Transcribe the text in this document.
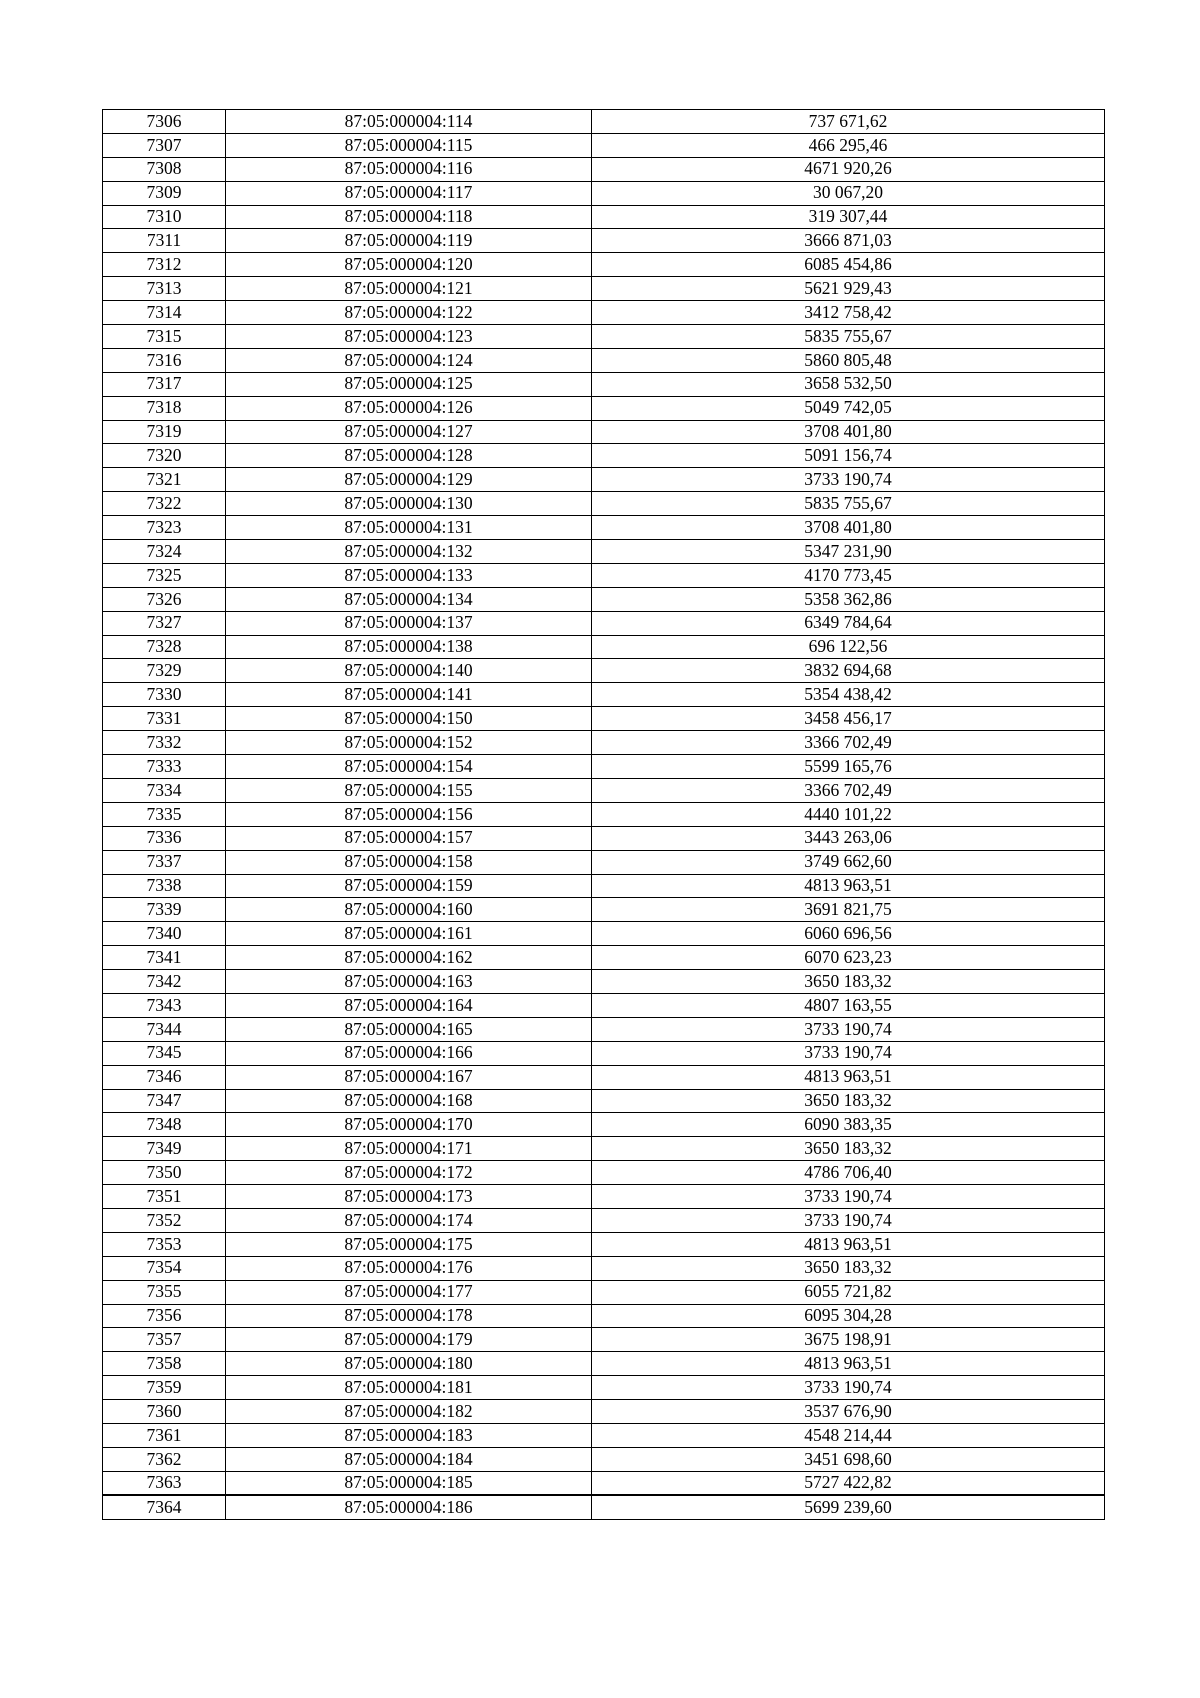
7306	87:05:000004:114	737 671,62
7307	87:05:000004:115	466 295,46
7308	87:05:000004:116	4671 920,26
7309	87:05:000004:117	30 067,20
7310	87:05:000004:118	319 307,44
7311	87:05:000004:119	3666 871,03
7312	87:05:000004:120	6085 454,86
7313	87:05:000004:121	5621 929,43
7314	87:05:000004:122	3412 758,42
7315	87:05:000004:123	5835 755,67
7316	87:05:000004:124	5860 805,48
7317	87:05:000004:125	3658 532,50
7318	87:05:000004:126	5049 742,05
7319	87:05:000004:127	3708 401,80
7320	87:05:000004:128	5091 156,74
7321	87:05:000004:129	3733 190,74
7322	87:05:000004:130	5835 755,67
7323	87:05:000004:131	3708 401,80
7324	87:05:000004:132	5347 231,90
7325	87:05:000004:133	4170 773,45
7326	87:05:000004:134	5358 362,86
7327	87:05:000004:137	6349 784,64
7328	87:05:000004:138	696 122,56
7329	87:05:000004:140	3832 694,68
7330	87:05:000004:141	5354 438,42
7331	87:05:000004:150	3458 456,17
7332	87:05:000004:152	3366 702,49
7333	87:05:000004:154	5599 165,76
7334	87:05:000004:155	3366 702,49
7335	87:05:000004:156	4440 101,22
7336	87:05:000004:157	3443 263,06
7337	87:05:000004:158	3749 662,60
7338	87:05:000004:159	4813 963,51
7339	87:05:000004:160	3691 821,75
7340	87:05:000004:161	6060 696,56
7341	87:05:000004:162	6070 623,23
7342	87:05:000004:163	3650 183,32
7343	87:05:000004:164	4807 163,55
7344	87:05:000004:165	3733 190,74
7345	87:05:000004:166	3733 190,74
7346	87:05:000004:167	4813 963,51
7347	87:05:000004:168	3650 183,32
7348	87:05:000004:170	6090 383,35
7349	87:05:000004:171	3650 183,32
7350	87:05:000004:172	4786 706,40
7351	87:05:000004:173	3733 190,74
7352	87:05:000004:174	3733 190,74
7353	87:05:000004:175	4813 963,51
7354	87:05:000004:176	3650 183,32
7355	87:05:000004:177	6055 721,82
7356	87:05:000004:178	6095 304,28
7357	87:05:000004:179	3675 198,91
7358	87:05:000004:180	4813 963,51
7359	87:05:000004:181	3733 190,74
7360	87:05:000004:182	3537 676,90
7361	87:05:000004:183	4548 214,44
7362	87:05:000004:184	3451 698,60
7363	87:05:000004:185	5727 422,82
7364	87:05:000004:186	5699 239,60
